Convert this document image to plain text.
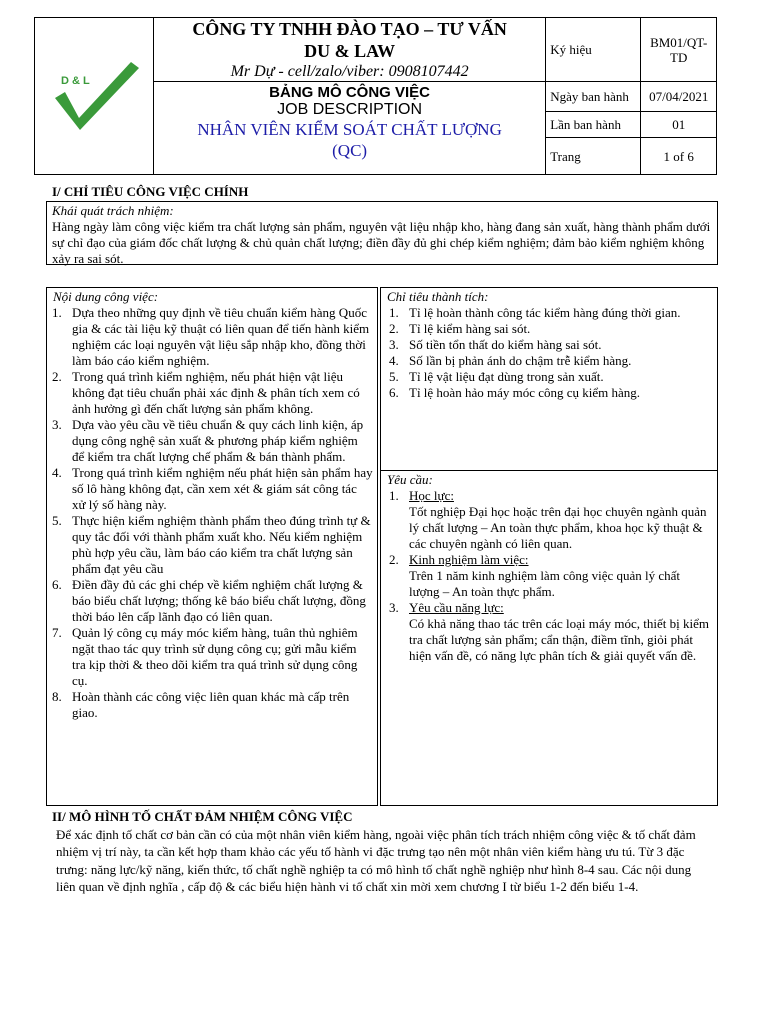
D & L	CÔNG TY TNHH ĐÀO TẠO – TƯ VẤN
DU & LAW
Mr Dự - cell/zalo/viber: 0908107442	Ký hiệu	BM01/QT-TD

	BẢNG MÔ CÔNG VIỆC
JOB DESCRIPTION
NHÂN VIÊN KIỂM SOÁT CHẤT LƯỢNG
(QC)	Ngày ban hành	07/04/2021
		Lần ban hành	01
		Trang	1 of 6
I/ CHỈ TIÊU CÔNG VIỆC CHÍNH
Khái quát trách nhiệm:
Hàng ngày làm công việc kiểm tra chất lượng sản phẩm, nguyên vật liệu nhập kho, hàng đang sản xuất, hàng thành phẩm dưới sự chỉ đạo của giám đốc chất lượng & chủ quản chất lượng; điền đầy đủ ghi chép kiểm nghiệm; đảm bảo kiểm nghiệm không xảy ra sai sót.
Nội dung công việc:
1. Dựa theo những quy định về tiêu chuẩn kiểm hàng Quốc gia & các tài liệu kỹ thuật có liên quan để tiến hành kiểm nghiệm các loại nguyên vật liệu sắp nhập kho, đồng thời làm báo cáo kiểm nghiệm.
2. Trong quá trình kiểm nghiệm, nếu phát hiện vật liệu không đạt tiêu chuẩn phải xác định & phân tích xem có ảnh hưởng gì đến chất lượng sản phẩm không.
3. Dựa vào yêu cầu về tiêu chuẩn & quy cách linh kiện, áp dụng công nghệ sản xuất & phương pháp kiểm nghiệm để kiểm tra chất lượng chế phẩm & bán thành phẩm.
4. Trong quá trình kiểm nghiệm nếu phát hiện sản phẩm hay số lô hàng không đạt, cần xem xét & giám sát công tác xử lý số hàng này.
5. Thực hiện kiểm nghiệm thành phẩm theo đúng trình tự & quy tắc đối với thành phẩm xuất kho. Nếu kiểm nghiệm phù hợp yêu cầu, làm báo cáo kiểm tra chất lượng sản phẩm đạt yêu cầu
6. Điền đầy đủ các ghi chép về kiểm nghiệm chất lượng & báo biểu chất lượng; thống kê báo biểu chất lượng, đồng thời báo lên cấp lãnh đạo có liên quan.
7. Quản lý công cụ máy móc kiểm hàng, tuân thủ nghiêm ngặt thao tác quy trình sử dụng công cụ; gửi mẫu kiểm tra kịp thời & theo dõi kiểm tra quá trình sử dụng công cụ.
8. Hoàn thành các công việc liên quan khác mà cấp trên giao.
Chỉ tiêu thành tích:
1. Tỉ lệ hoàn thành công tác kiểm hàng đúng thời gian.
2. Tỉ lệ kiểm hàng sai sót.
3. Số tiền tổn thất do kiểm hàng sai sót.
4. Số lần bị phản ánh do chậm trễ kiểm hàng.
5. Tỉ lệ vật liệu đạt dùng trong sản xuất.
6. Tỉ lệ hoàn hảo máy móc công cụ kiểm hàng.
Yêu cầu:
1. Học lực:
Tốt nghiệp Đại học hoặc trên đại học chuyên ngành quản lý chất lượng – An toàn thực phẩm, khoa học kỹ thuật & các chuyên ngành có liên quan.
2. Kinh nghiệm làm việc:
Trên 1 năm kinh nghiệm làm công việc quản lý chất lượng – An toàn thực phẩm.
3. Yêu cầu năng lực:
Có khả năng thao tác trên các loại máy móc, thiết bị kiểm tra chất lượng sản phẩm; cẩn thận, điềm tĩnh, giỏi phát hiện vấn đề, có năng lực phân tích & giải quyết vấn đề.
II/ MÔ HÌNH TỐ CHẤT ĐẢM NHIỆM CÔNG VIỆC
Để xác định tố chất cơ bản cần có của một nhân viên kiểm hàng, ngoài việc phân tích trách nhiệm công việc & tố chất đảm nhiệm vị trí này, ta cần kết hợp tham khảo các yếu tố hành vi đặc trưng tạo nên một nhân viên kiểm hàng ưu tú. Từ 3 đặc trưng: năng lực/kỹ năng, kiến thức, tố chất nghề nghiệp ta có mô hình tố chất nghề nghiệp như hình 8-4 sau. Các nội dung liên quan về định nghĩa , cấp độ & các biểu hiện hành vi tố chất xin mời xem chương I từ biểu 1-2 đến biểu 1-4.
